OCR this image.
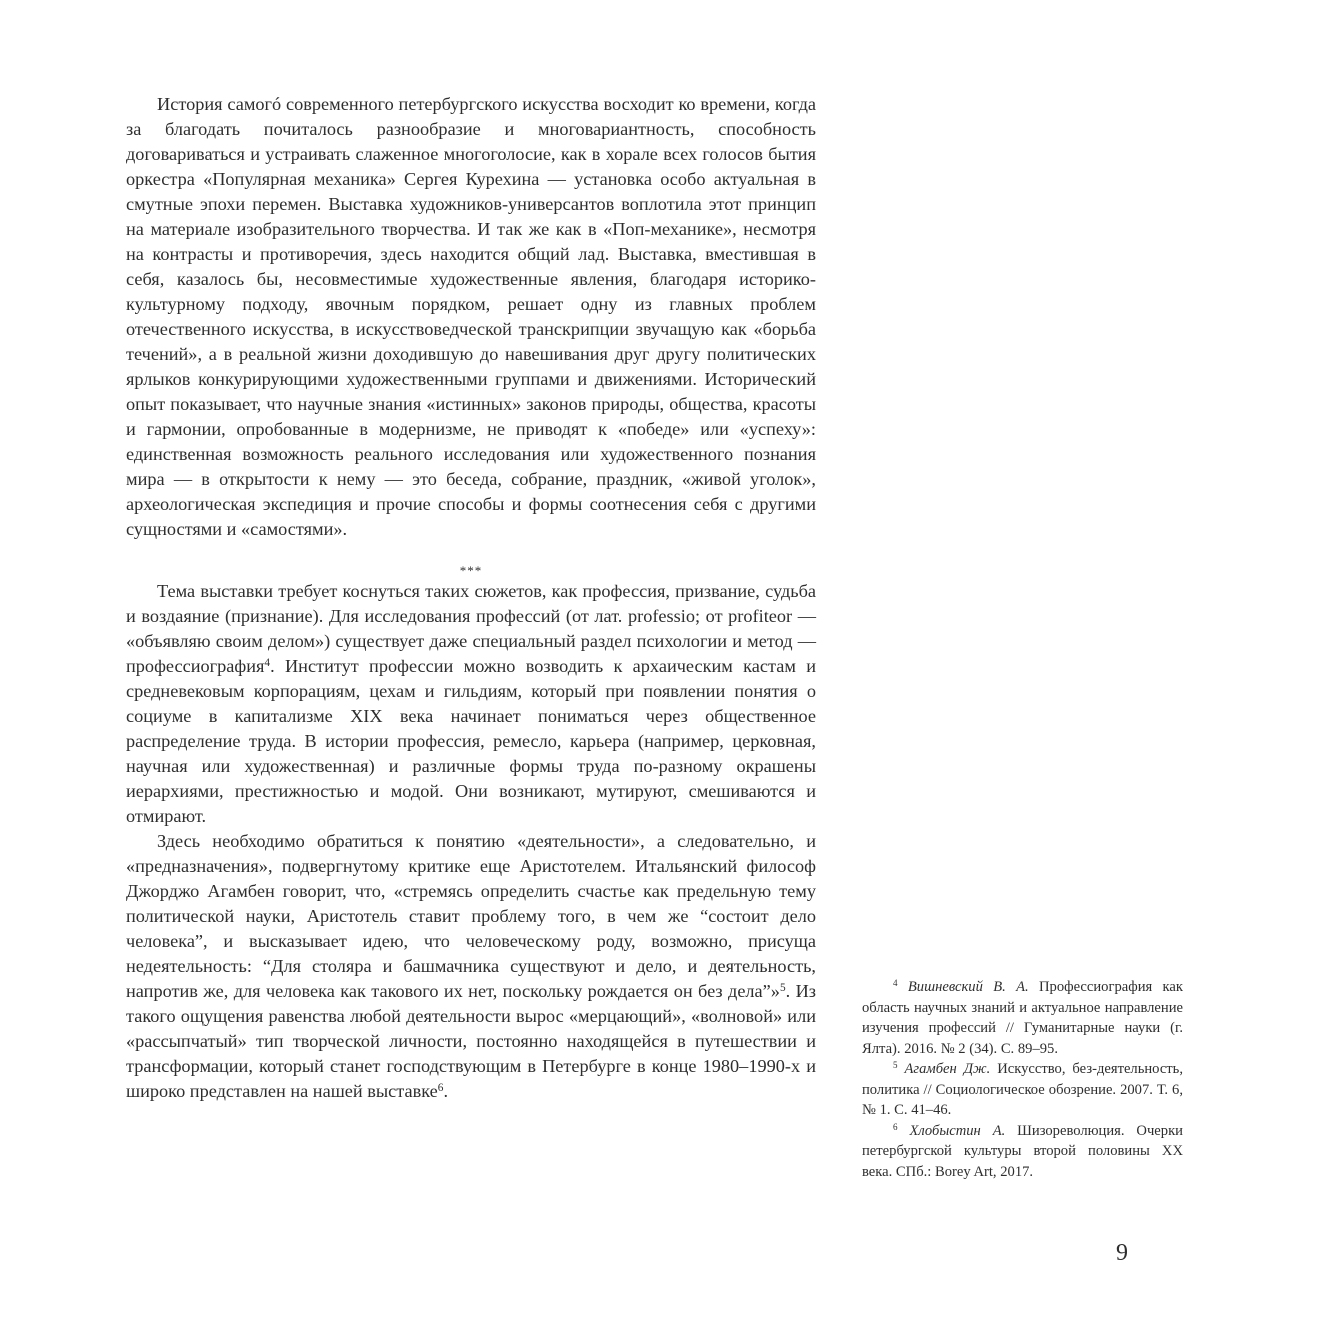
История самогó современного петербургского искусства восходит ко времени, когда за благодать почиталось разнообразие и многовариантность, способность договариваться и устраивать слаженное многоголосие, как в хорале всех голосов бытия оркестра «Популярная механика» Сергея Курехина — установка особо актуальная в смутные эпохи перемен. Выставка художников-универсантов воплотила этот принцип на материале изобразительного творчества. И так же как в «Поп-механике», несмотря на контрасты и противоречия, здесь находится общий лад. Выставка, вместившая в себя, казалось бы, несовместимые художественные явления, благодаря историко-культурному подходу, явочным порядком, решает одну из главных проблем отечественного искусства, в искусствоведческой транскрипции звучащую как «борьба течений», а в реальной жизни доходившую до навешивания друг другу политических ярлыков конкурирующими художественными группами и движениями. Исторический опыт показывает, что научные знания «истинных» законов природы, общества, красоты и гармонии, опробованные в модернизме, не приводят к «победе» или «успеху»: единственная возможность реального исследования или художественного познания мира — в открытости к нему — это беседа, собрание, праздник, «живой уголок», археологическая экспедиция и прочие способы и формы соотнесения себя с другими сущностями и «самостями».

***

Тема выставки требует коснуться таких сюжетов, как профессия, призвание, судьба и воздаяние (признание). Для исследования профессий (от лат. professio; от profiteor — «объявляю своим делом») существует даже специальный раздел психологии и метод — профессиография$^4$. Институт профессии можно возводить к архаическим кастам и средневековым корпорациям, цехам и гильдиям, который при появлении понятия о социуме в капитализме XIX века начинает пониматься через общественное распределение труда. В истории профессия, ремесло, карьера (например, церковная, научная или художественная) и различные формы труда по-разному окрашены иерархиями, престижностью и модой. Они возникают, мутируют, смешиваются и отмирают.

Здесь необходимо обратиться к понятию «деятельности», а следовательно, и «предназначения», подвергнутому критике еще Аристотелем. Итальянский философ Джорджо Агамбен говорит, что, «стремясь определить счастье как предельную тему политической науки, Аристотель ставит проблему того, в чем же “состоит дело человека”, и высказывает идею, что человеческому роду, возможно, присуща недеятельность: “Для столяра и башмачника существуют и дело, и деятельность, напротив же, для человека как такового их нет, поскольку рождается он без дела”»$^5$. Из такого ощущения равенства любой деятельности вырос «мерцающий», «волновой» или «рассыпчатый» тип творческой личности, постоянно находящейся в путешествии и трансформации, который станет господствующим в Петербурге в конце 1980–1990-х и широко представлен на нашей выставке$^6$.

$^4$ Вишневский В. А. Профессиография как область научных знаний и актуальное направление изучения профессий // Гуманитарные науки (г. Ялта). 2016. № 2 (34). С. 89–95.

$^5$ Агамбен Дж. Искусство, без-деятельность, политика // Социологическое обозрение. 2007. Т. 6, № 1. С. 41–46.

$^6$ Хлобыстин А. Шизореволюция. Очерки петербургской культуры второй половины XX века. СПб.: Borey Art, 2017.

9
